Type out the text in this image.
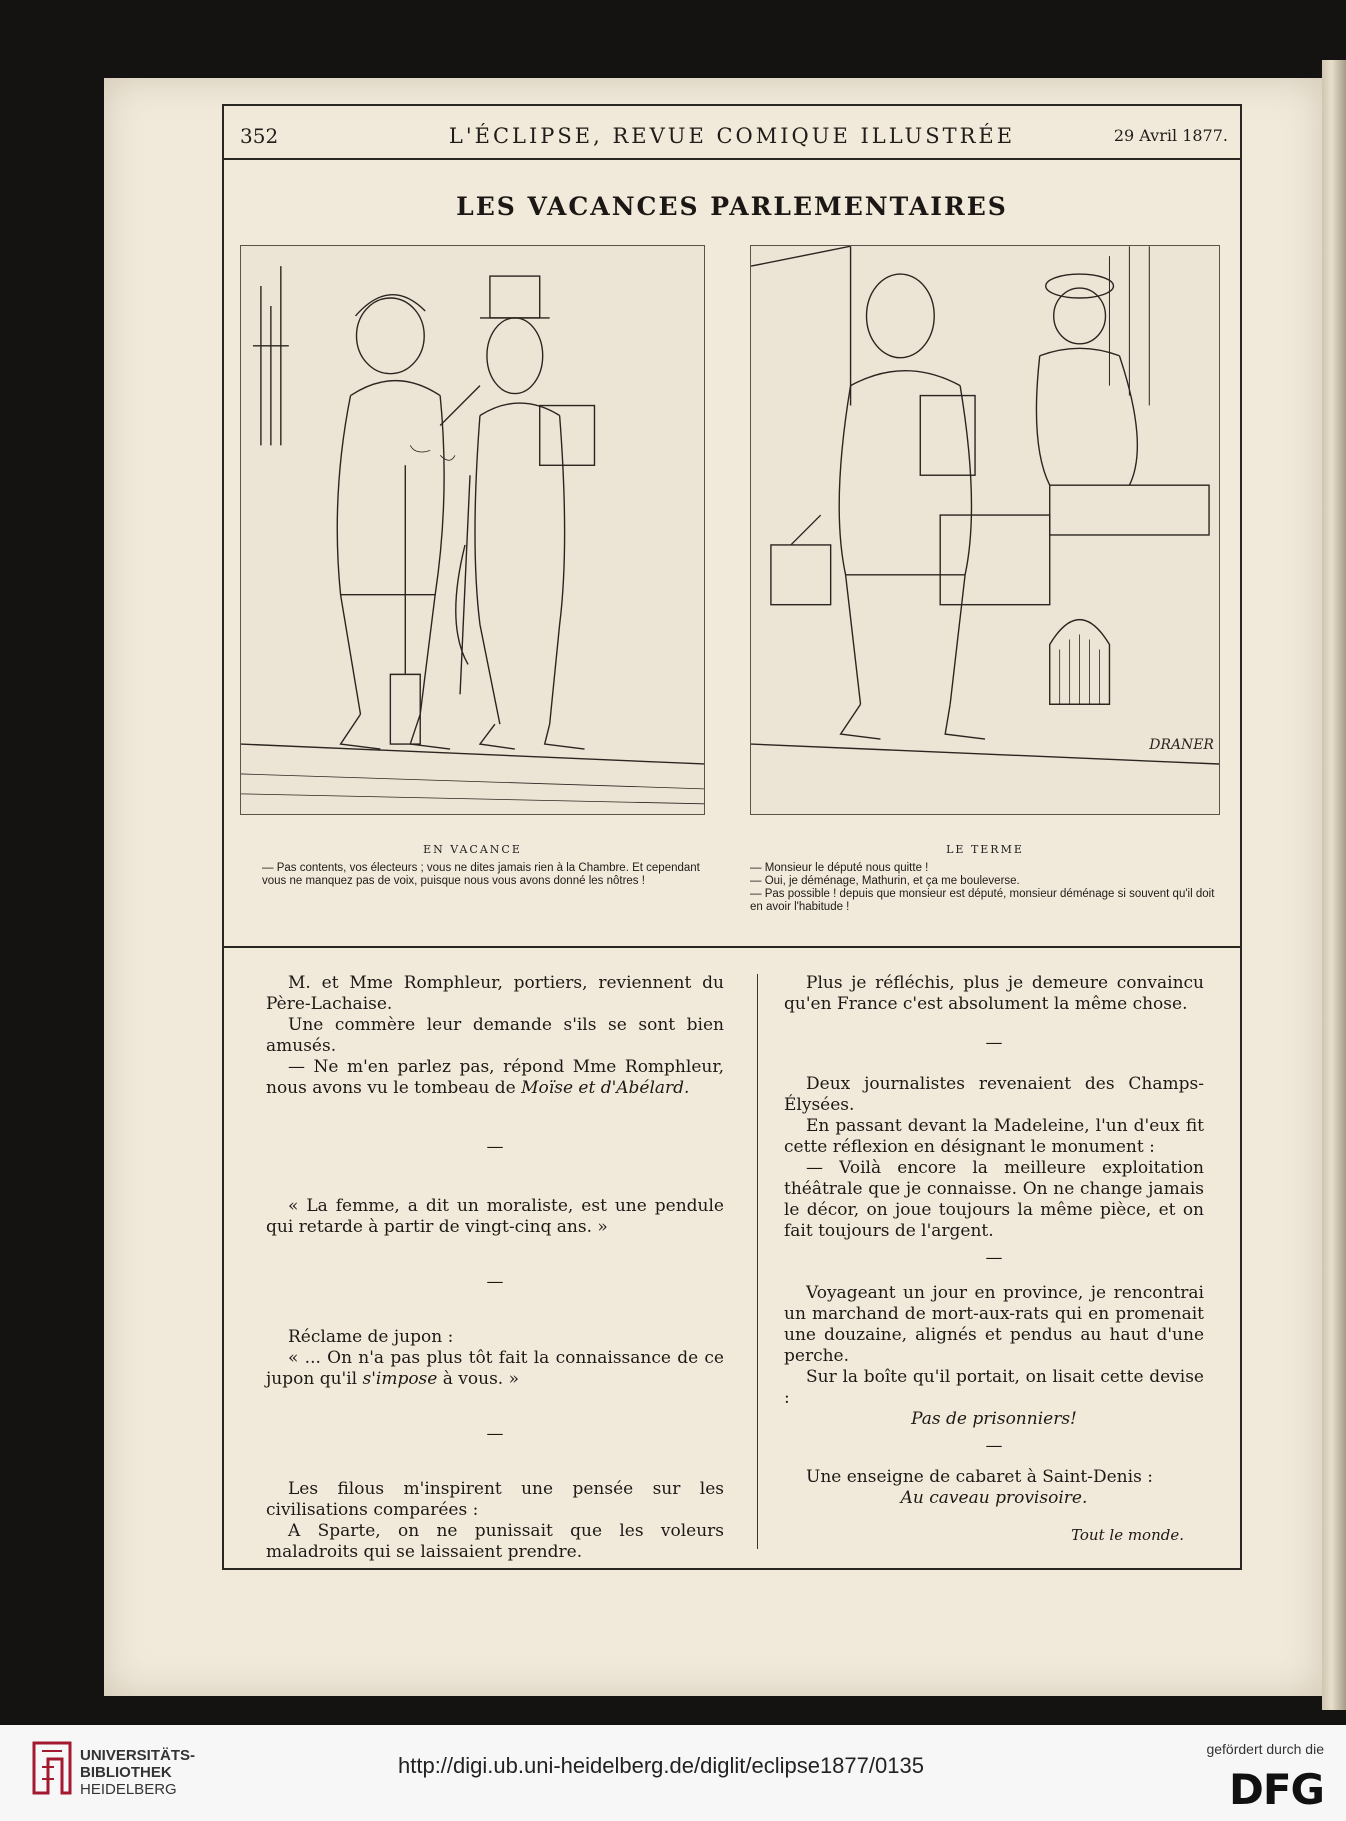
352	L'ÉCLIPSE, REVUE COMIQUE ILLUSTRÉE	29 Avril 1877.
LES VACANCES PARLEMENTAIRES
DRANER
EN VACANCE	LE TERME
— Pas contents, vos électeurs ; vous ne dites jamais rien à la Chambre. Et cependant vous ne manquez pas de voix, puisque nous vous avons donné les nôtres !
— Monsieur le député nous quitte !
— Oui, je déménage, Mathurin, et ça me bouleverse.
— Pas possible ! depuis que monsieur est député, monsieur déménage si souvent qu'il doit en avoir l'habitude !

M. et Mme Romphleur, portiers, reviennent du Père-Lachaise.

Une commère leur demande s'ils se sont bien amusés.

— Ne m'en parlez pas, répond Mme Romphleur, nous avons vu le tombeau de Moïse et d'Abélard.

—

« La femme, a dit un moraliste, est une pendule qui retarde à partir de vingt-cinq ans. »

—

Réclame de jupon :

« ... On n'a pas plus tôt fait la connaissance de ce jupon qu'il s'impose à vous. »

—

Les filous m'inspirent une pensée sur les civilisations comparées :

A Sparte, on ne punissait que les voleurs maladroits qui se laissaient prendre.

Plus je réfléchis, plus je demeure convaincu qu'en France c'est absolument la même chose.

—

Deux journalistes revenaient des Champs-Élysées.

En passant devant la Madeleine, l'un d'eux fit cette réflexion en désignant le monument :

— Voilà encore la meilleure exploitation théâtrale que je connaisse. On ne change jamais le décor, on joue toujours la même pièce, et on fait toujours de l'argent.

—

Voyageant un jour en province, je rencontrai un marchand de mort-aux-rats qui en promenait une douzaine, alignés et pendus au haut d'une perche.

Sur la boîte qu'il portait, on lisait cette devise :

Pas de prisonniers!

—

Une enseigne de cabaret à Saint-Denis :

Au caveau provisoire.

Tout le monde.

UNIVERSITÄTS-
BIBLIOTHEK
HEIDELBERG
http://digi.ub.uni-heidelberg.de/diglit/eclipse1877/0135
gefördert durch die
DFG
